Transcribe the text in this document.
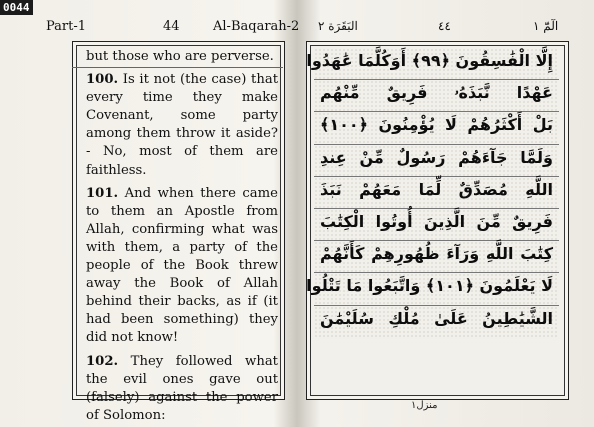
0044
Part-1	44	Al-Baqarah-2 البَقَرَة ٢	٤٤	الٓمّٓ ١

but those who are perverse.

100. Is it not (the case) that every time they make Covenant, some party among them throw it aside? - No, most of them are faithless.

101. And when there came to them an Apostle from Allah, confirming what was with them, a party of the people of the Book threw away the Book of Allah behind their backs, as if (it had been something) they did not know!

102. They followed what the evil ones gave out (falsely) against the power of Solomon:

إِلَّا الْفَٰسِقُونَ ﴿٩٩﴾ أَوَكُلَّمَا عَٰهَدُوا
عَهْدًا نَّبَذَهُۥ فَرِيقٌ مِّنْهُم
بَلْ أَكْثَرُهُمْ لَا يُؤْمِنُونَ ﴿١٠٠﴾
وَلَمَّا جَآءَهُمْ رَسُولٌ مِّنْ عِندِ
اللَّهِ مُصَدِّقٌ لِّمَا مَعَهُمْ نَبَذَ
فَرِيقٌ مِّنَ الَّذِينَ أُوتُوا الْكِتَٰبَ
كِتَٰبَ اللَّهِ وَرَآءَ ظُهُورِهِمْ كَأَنَّهُمْ
لَا يَعْلَمُونَ ﴿١٠١﴾ وَاتَّبَعُوا مَا تَتْلُوا
الشَّيَٰطِينُ عَلَىٰ مُلْكِ سُلَيْمَٰنَ
منزل١
